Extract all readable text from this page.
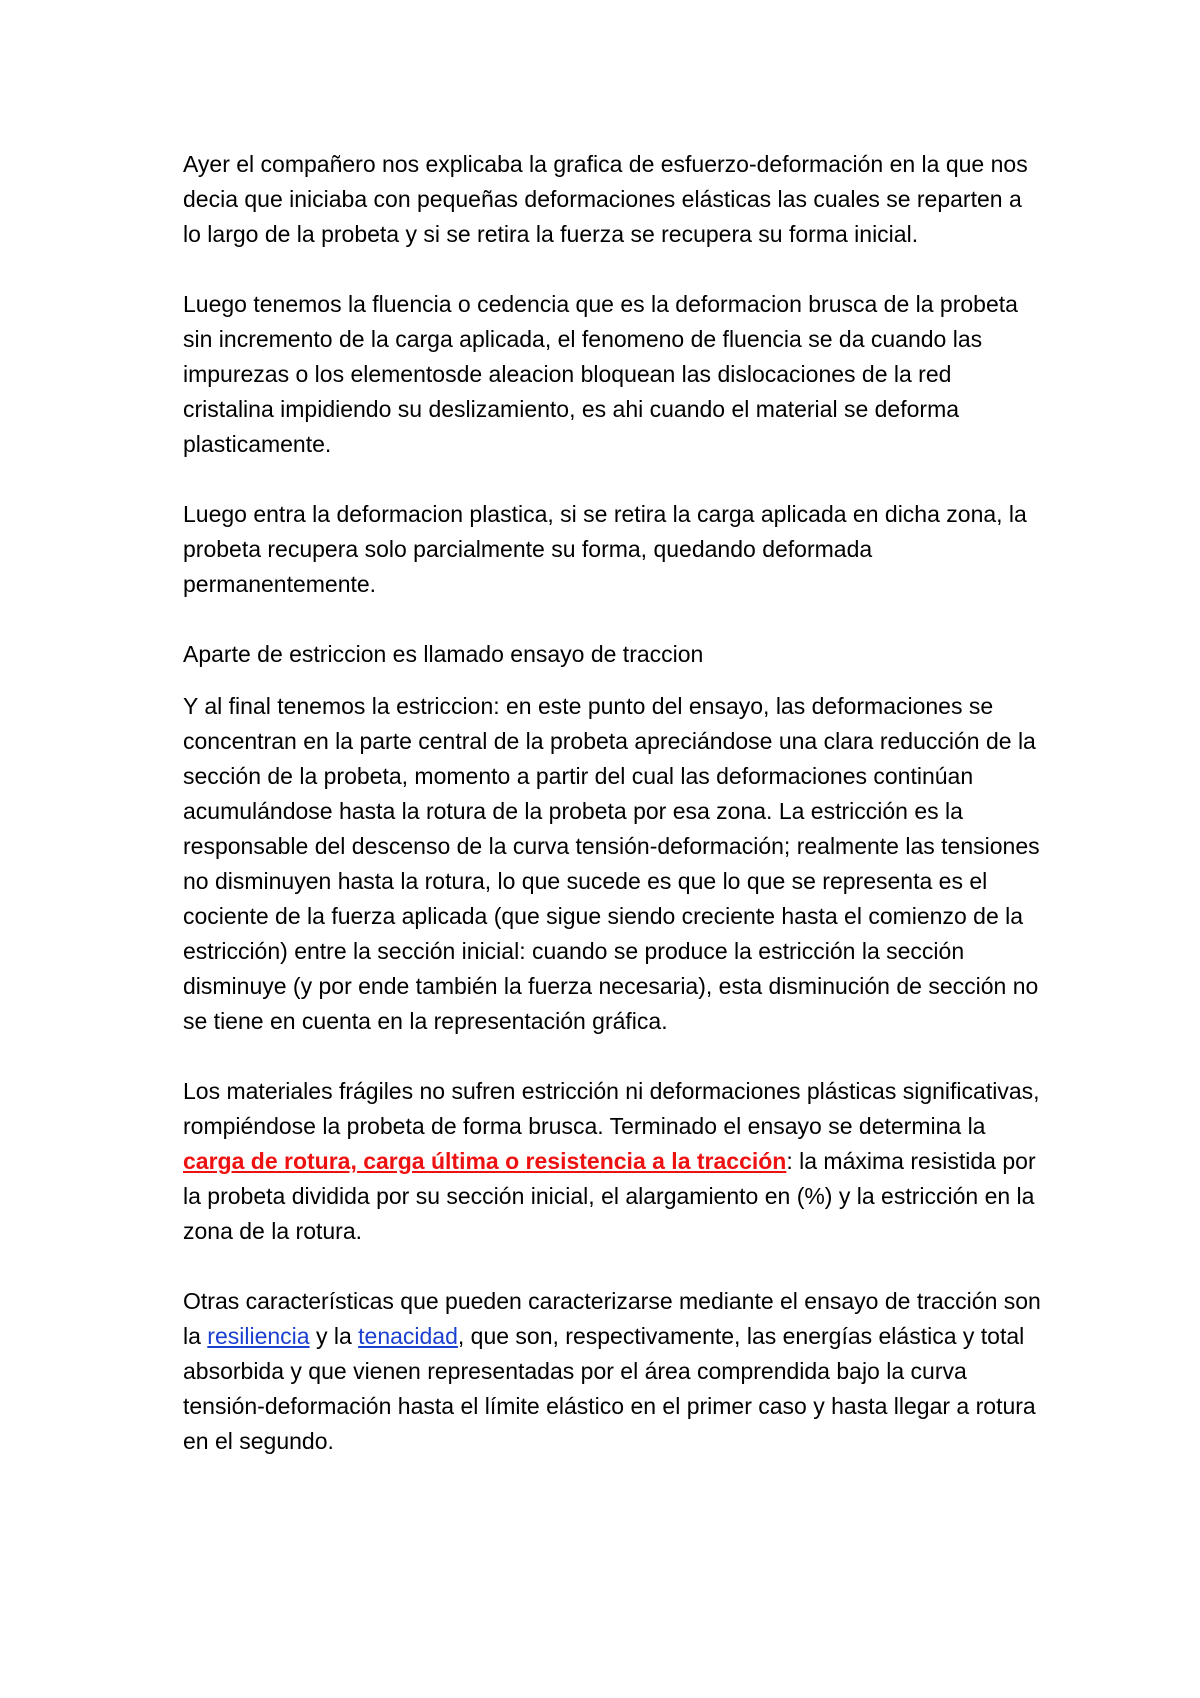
Ayer el compañero nos explicaba la grafica de esfuerzo-deformación en la que nos decia que iniciaba con pequeñas deformaciones elásticas las cuales se reparten a lo largo de la probeta y si se retira la fuerza se recupera su forma inicial.

Luego tenemos la fluencia o cedencia que es la deformacion brusca de la probeta sin incremento de la carga aplicada, el fenomeno de fluencia se da cuando las impurezas o los elementosde aleacion bloquean las dislocaciones de la red cristalina impidiendo su deslizamiento, es ahi cuando el material se deforma plasticamente.

Luego entra la deformacion plastica, si se retira la carga aplicada en dicha zona, la probeta recupera solo parcialmente su forma, quedando deformada permanentemente.

Aparte de estriccion es llamado ensayo de traccion

Y al final tenemos la estriccion: en este punto del ensayo, las deformaciones se concentran en la parte central de la probeta apreciándose una clara reducción de la sección de la probeta, momento a partir del cual las deformaciones continúan acumulándose hasta la rotura de la probeta por esa zona. La estricción es la responsable del descenso de la curva tensión-deformación; realmente las tensiones no disminuyen hasta la rotura, lo que sucede es que lo que se representa es el cociente de la fuerza aplicada (que sigue siendo creciente hasta el comienzo de la estricción) entre la sección inicial: cuando se produce la estricción la sección disminuye (y por ende también la fuerza necesaria), esta disminución de sección no se tiene en cuenta en la representación gráfica.

Los materiales frágiles no sufren estricción ni deformaciones plásticas significativas, rompiéndose la probeta de forma brusca. Terminado el ensayo se determina la carga de rotura, carga última o resistencia a la tracción: la máxima resistida por la probeta dividida por su sección inicial, el alargamiento en (%) y la estricción en la zona de la rotura.

Otras características que pueden caracterizarse mediante el ensayo de tracción son la resiliencia y la tenacidad, que son, respectivamente, las energías elástica y total absorbida y que vienen representadas por el área comprendida bajo la curva tensión-deformación hasta el límite elástico en el primer caso y hasta llegar a rotura en el segundo.
